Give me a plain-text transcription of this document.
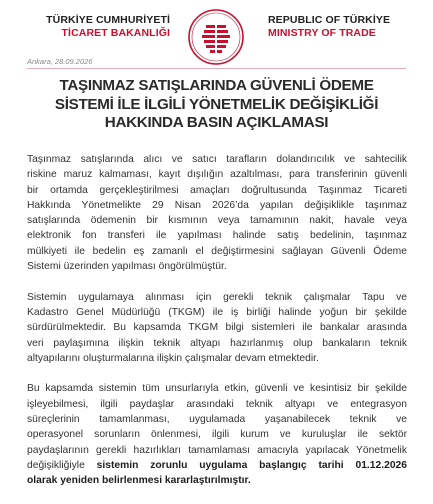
TÜRKİYE CUMHURİYETİ
TİCARET BAKANLIĞI
REPUBLIC OF TÜRKİYE
MINISTRY OF TRADE
Ankara, 28.09.2026
TAŞINMAZ SATIŞLARINDA GÜVENLİ ÖDEME
SİSTEMİ İLE İLGİLİ YÖNETMELİK DEĞİŞİKLİĞİ
HAKKINDA BASIN AÇIKLAMASI
Taşınmaz satışlarında alıcı ve satıcı tarafların dolandırıcılık ve sahtecilik
riskine maruz kalmaması, kayıt dışılığın azaltılması, para transferinin güvenli
bir ortamda gerçekleştirilmesi amaçları doğrultusunda Taşınmaz Ticareti
Hakkında Yönetmelikte 29 Nisan 2026’da yapılan değişiklikle taşınmaz
satışlarında ödemenin bir kısmının veya tamamının nakit, havale veya
elektronik fon transferi ile yapılması halinde satış bedelinin, taşınmaz
mülkiyeti ile bedelin eş zamanlı el değiştirmesini sağlayan Güvenli Ödeme
Sistemi üzerinden yapılması öngörülmüştür.
Sistemin uygulamaya alınması için gerekli teknik çalışmalar Tapu ve
Kadastro Genel Müdürlüğü (TKGM) ile iş birliği halinde yoğun bir şekilde
sürdürülmektedir. Bu kapsamda TKGM bilgi sistemleri ile bankalar arasında
veri paylaşımına ilişkin teknik altyapı hazırlanmış olup bankaların teknik
altyapılarını oluşturmalarına ilişkin çalışmalar devam etmektedir.
Bu kapsamda sistemin tüm unsurlarıyla etkin, güvenli ve kesintisiz bir şekilde
işleyebilmesi, ilgili paydaşlar arasındaki teknik altyapı ve entegrasyon
süreçlerinin tamamlanması, uygulamada yaşanabilecek teknik ve
operasyonel sorunların önlenmesi, ilgili kurum ve kuruluşlar ile sektör
paydaşlarının gerekli hazırlıkları tamamlaması amacıyla yapılacak Yönetmelik
değişikliğiyle sistemin zorunlu uygulama başlangıç tarihi 01.12.2026
olarak yeniden belirlenmesi kararlaştırılmıştır.
